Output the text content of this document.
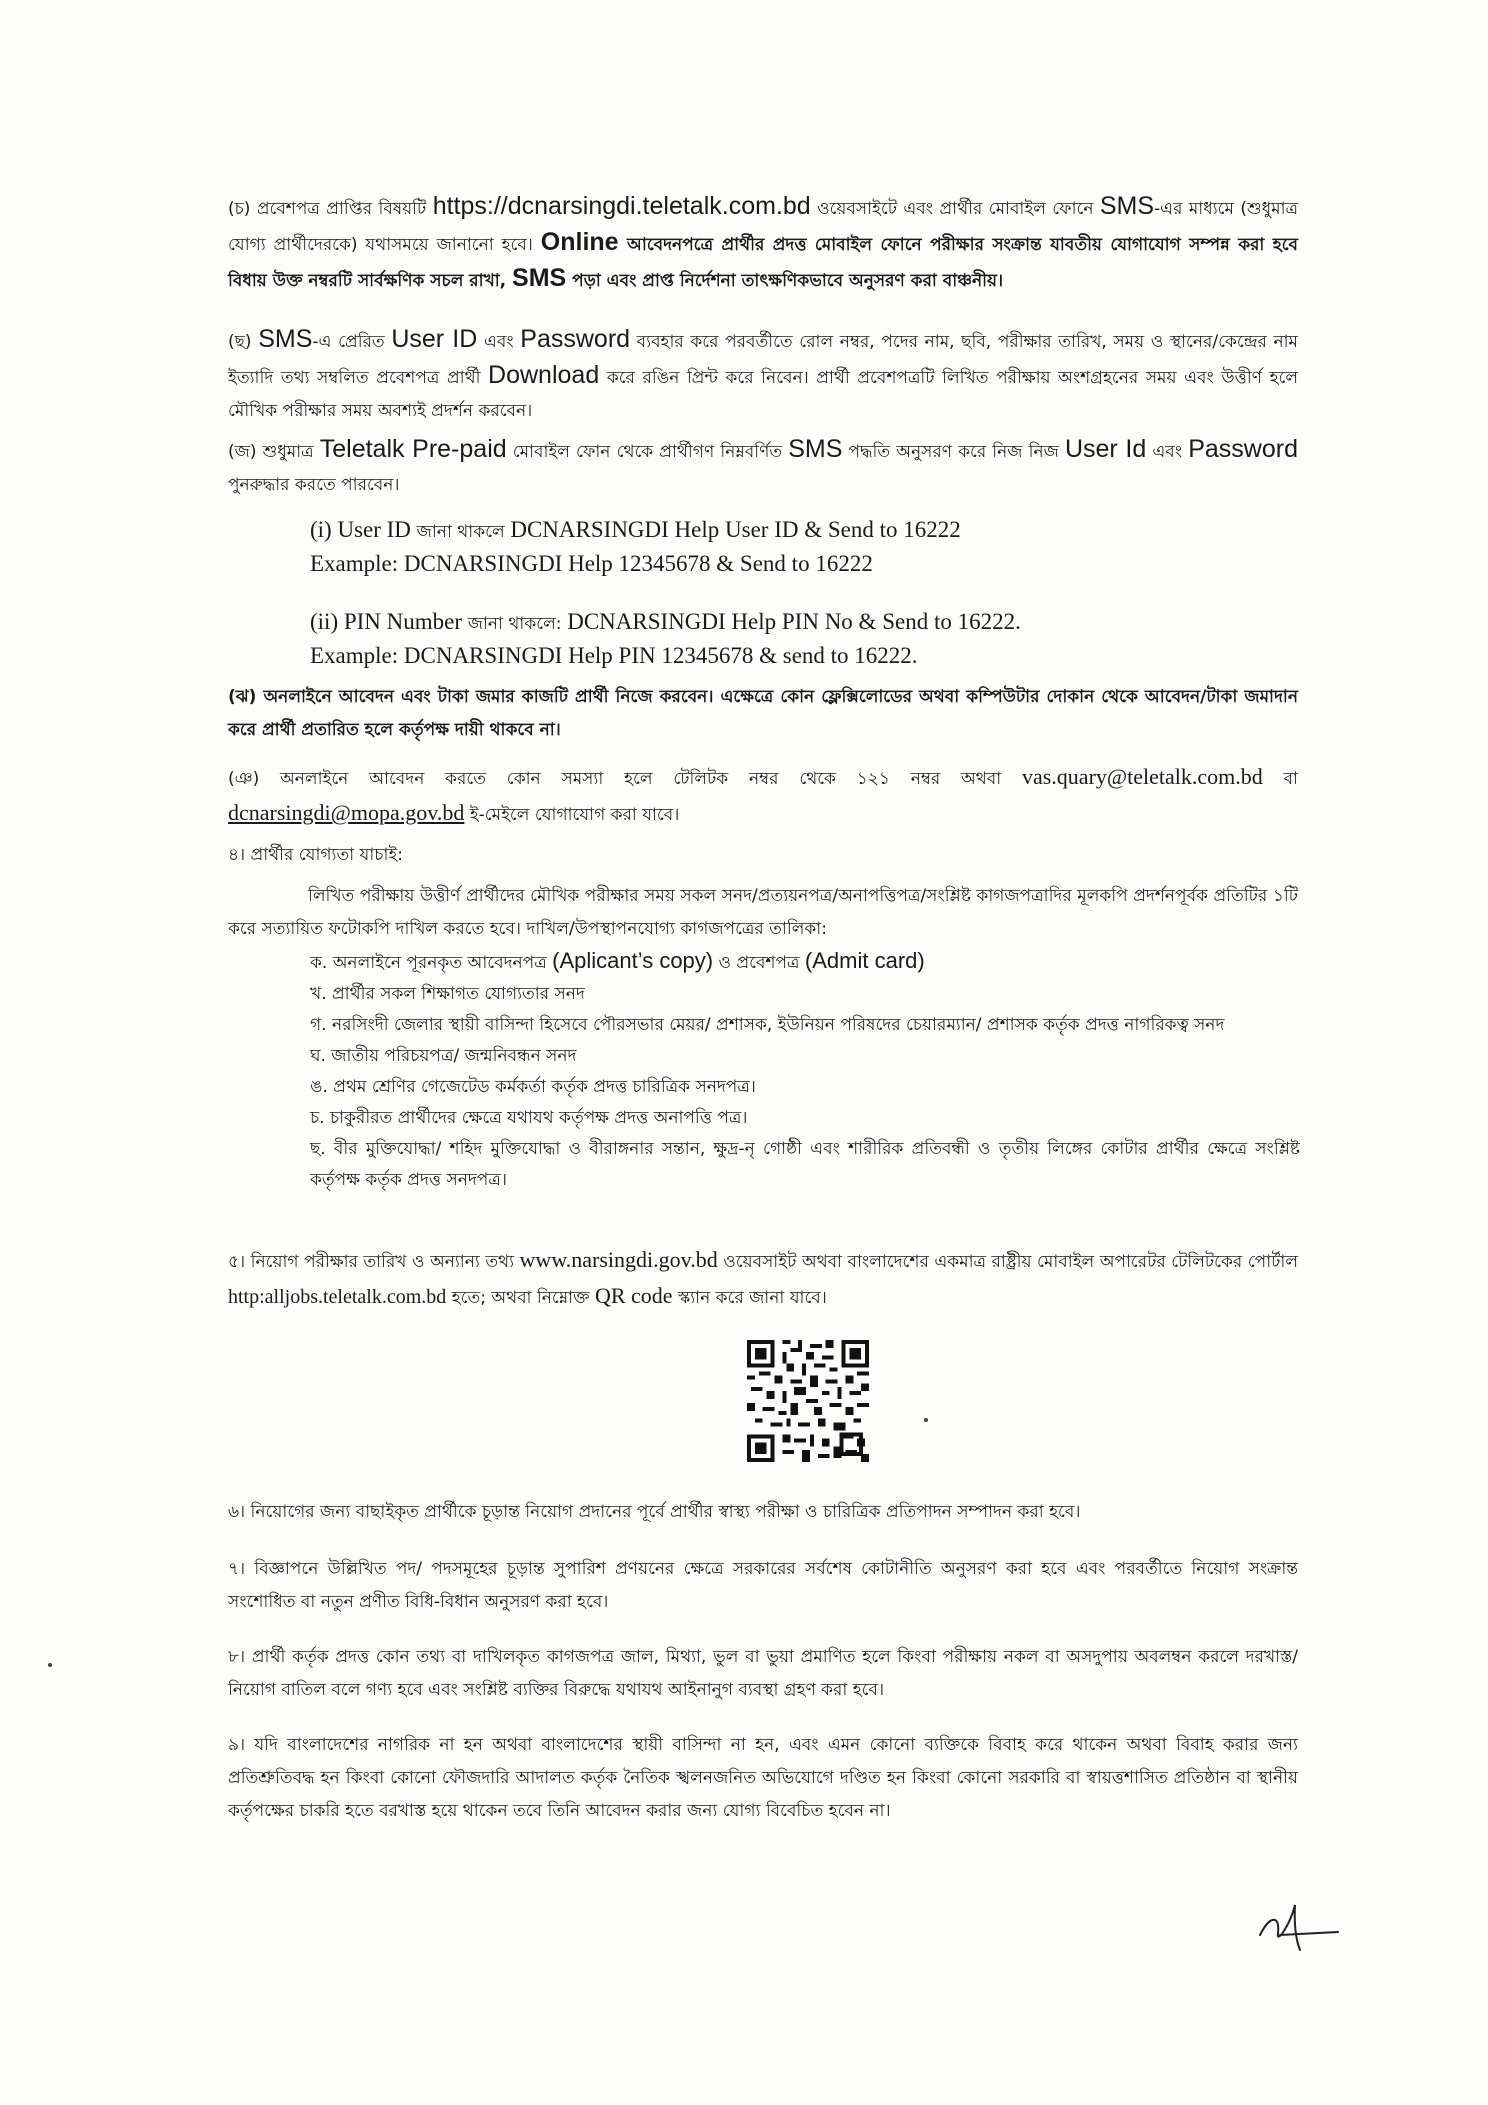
(চ) প্রবেশপত্র প্রাপ্তির বিষয়টি https://dcnarsingdi.teletalk.com.bd ওয়েবসাইটে এবং প্রার্থীর মোবাইল ফোনে SMS-এর মাধ্যমে (শুধুমাত্র যোগ্য প্রার্থীদেরকে) যথাসময়ে জানানো হবে। Online আবেদনপত্রে প্রার্থীর প্রদত্ত মোবাইল ফোনে পরীক্ষার সংক্রান্ত যাবতীয় যোগাযোগ সম্পন্ন করা হবে বিধায় উক্ত নম্বরটি সার্বক্ষণিক সচল রাখা, SMS পড়া এবং প্রাপ্ত নির্দেশনা তাৎক্ষণিকভাবে অনুসরণ করা বাঞ্চনীয়।

(ছ) SMS-এ প্রেরিত User ID এবং Password ব্যবহার করে পরবর্তীতে রোল নম্বর, পদের নাম, ছবি, পরীক্ষার তারিখ, সময় ও স্থানের/কেন্দ্রের নাম ইত্যাদি তথ্য সম্বলিত প্রবেশপত্র প্রার্থী Download করে রঙিন প্রিন্ট করে নিবেন। প্রার্থী প্রবেশপত্রটি লিখিত পরীক্ষায় অংশগ্রহনের সময় এবং উত্তীর্ণ হলে মৌখিক পরীক্ষার সময় অবশ্যই প্রদর্শন করবেন।

(জ) শুধুমাত্র Teletalk Pre-paid মোবাইল ফোন থেকে প্রার্থীগণ নিম্নবর্ণিত SMS পদ্ধতি অনুসরণ করে নিজ নিজ User Id এবং Password পুনরুদ্ধার করতে পারবেন।

(i) User ID জানা থাকলে DCNARSINGDI Help User ID & Send to 16222
Example: DCNARSINGDI Help 12345678 & Send to 16222
(ii) PIN Number জানা থাকলে: DCNARSINGDI Help PIN No & Send to 16222.
Example: DCNARSINGDI Help PIN 12345678 & send to 16222.

(ঝ) অনলাইনে আবেদন এবং টাকা জমার কাজটি প্রার্থী নিজে করবেন। এক্ষেত্রে কোন ফ্লেক্সিলোডের অথবা কম্পিউটার দোকান থেকে আবেদন/টাকা জমাদান করে প্রার্থী প্রতারিত হলে কর্তৃপক্ষ দায়ী থাকবে না।

(ঞ) অনলাইনে আবেদন করতে কোন সমস্যা হলে টেলিটক নম্বর থেকে ১২১ নম্বর অথবা vas.quary@teletalk.com.bd বা dcnarsingdi@mopa.gov.bd ই-মেইলে যোগাযোগ করা যাবে।

৪। প্রার্থীর যোগ্যতা যাচাই:

লিখিত পরীক্ষায় উত্তীর্ণ প্রার্থীদের মৌখিক পরীক্ষার সময় সকল সনদ/প্রত্যয়নপত্র/অনাপত্তিপত্র/সংশ্লিষ্ট কাগজপত্রাদির মূলকপি প্রদর্শনপূর্বক প্রতিটির ১টি করে সত্যায়িত ফটোকপি দাখিল করতে হবে। দাখিল/উপস্থাপনযোগ্য কাগজপত্রের তালিকা:

ক. অনলাইনে পূরনকৃত আবেদনপত্র (Aplicant’s copy) ও প্রবেশপত্র (Admit card)
খ. প্রার্থীর সকল শিক্ষাগত যোগ্যতার সনদ
গ. নরসিংদী জেলার স্থায়ী বাসিন্দা হিসেবে পৌরসভার মেয়র/ প্রশাসক, ইউনিয়ন পরিষদের চেয়ারম্যান/ প্রশাসক কর্তৃক প্রদত্ত নাগরিকত্ব সনদ
ঘ. জাতীয় পরিচয়পত্র/ জন্মনিবন্ধন সনদ
ঙ. প্রথম শ্রেণির গেজেটেড কর্মকর্তা কর্তৃক প্রদত্ত চারিত্রিক সনদপত্র।
চ. চাকুরীরত প্রার্থীদের ক্ষেত্রে যথাযথ কর্তৃপক্ষ প্রদত্ত অনাপত্তি পত্র।
ছ. বীর মুক্তিযোদ্ধা/ শহিদ মুক্তিযোদ্ধা ও বীরাঙ্গনার সন্তান, ক্ষুদ্র-নৃ গোষ্ঠী এবং শারীরিক প্রতিবন্ধী ও তৃতীয় লিঙ্গের কোটার প্রার্থীর ক্ষেত্রে সংশ্লিষ্ট কর্তৃপক্ষ কর্তৃক প্রদত্ত সনদপত্র।

৫। নিয়োগ পরীক্ষার তারিখ ও অন্যান্য তথ্য www.narsingdi.gov.bd ওয়েবসাইট অথবা বাংলাদেশের একমাত্র রাষ্ট্রীয় মোবাইল অপারেটর টেলিটকের পোর্টাল http:alljobs.teletalk.com.bd হতে; অথবা নিম্নোক্ত QR code স্ক্যান করে জানা যাবে।

৬। নিয়োগের জন্য বাছাইকৃত প্রার্থীকে চূড়ান্ত নিয়োগ প্রদানের পূর্বে প্রার্থীর স্বাস্থ্য পরীক্ষা ও চারিত্রিক প্রতিপাদন সম্পাদন করা হবে।

৭। বিজ্ঞাপনে উল্লিখিত পদ/ পদসমূহের চূড়ান্ত সুপারিশ প্রণয়নের ক্ষেত্রে সরকারের সর্বশেষ কোটানীতি অনুসরণ করা হবে এবং পরবর্তীতে নিয়োগ সংক্রান্ত সংশোধিত বা নতুন প্রণীত বিধি-বিধান অনুসরণ করা হবে।

৮। প্রার্থী কর্তৃক প্রদত্ত কোন তথ্য বা দাখিলকৃত কাগজপত্র জাল, মিথ্যা, ভুল বা ভুয়া প্রমাণিত হলে কিংবা পরীক্ষায় নকল বা অসদুপায় অবলম্বন করলে দরখাস্ত/নিয়োগ বাতিল বলে গণ্য হবে এবং সংশ্লিষ্ট ব্যক্তির বিরুদ্ধে যথাযথ আইনানুগ ব্যবস্থা গ্রহণ করা হবে।

৯। যদি বাংলাদেশের নাগরিক না হন অথবা বাংলাদেশের স্থায়ী বাসিন্দা না হন, এবং এমন কোনো ব্যক্তিকে বিবাহ করে থাকেন অথবা বিবাহ করার জন্য প্রতিশ্রুতিবদ্ধ হন কিংবা কোনো ফৌজদারি আদালত কর্তৃক নৈতিক স্খলনজনিত অভিযোগে দণ্ডিত হন কিংবা কোনো সরকারি বা স্বায়ত্তশাসিত প্রতিষ্ঠান বা স্থানীয় কর্তৃপক্ষের চাকরি হতে বরখাস্ত হয়ে থাকেন তবে তিনি আবেদন করার জন্য যোগ্য বিবেচিত হবেন না।
